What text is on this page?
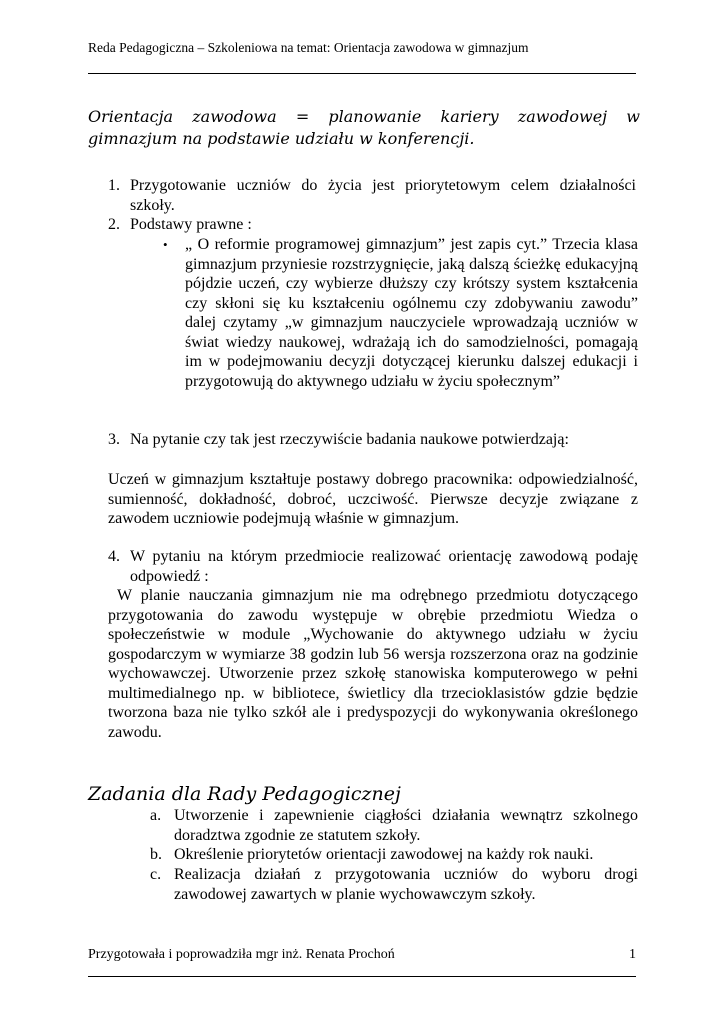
Reda Pedagogiczna – Szkoleniowa na temat: Orientacja zawodowa w gimnazjum
Orientacja zawodowa = planowanie kariery zawodowej w gimnazjum na podstawie udziału w konferencji.
1. Przygotowanie uczniów do życia jest priorytetowym celem działalności szkoły.
2. Podstawy prawne :
• „ O reformie programowej gimnazjum” jest zapis cyt.” Trzecia klasa gimnazjum przyniesie rozstrzygnięcie, jaką dalszą ścieżkę edukacyjną pójdzie uczeń, czy wybierze dłuższy czy krótszy system kształcenia czy skłoni się ku kształceniu ogólnemu czy zdobywaniu zawodu” dalej czytamy „w gimnazjum nauczyciele wprowadzają uczniów w świat wiedzy naukowej, wdrażają ich do samodzielności, pomagają im w podejmowaniu decyzji dotyczącej kierunku dalszej edukacji i przygotowują do aktywnego udziału w życiu społecznym”
3. Na pytanie czy tak jest rzeczywiście badania naukowe potwierdzają:
Uczeń w gimnazjum kształtuje postawy dobrego pracownika: odpowiedzialność, sumienność, dokładność, dobroć, uczciwość. Pierwsze decyzje związane z zawodem uczniowie podejmują właśnie w gimnazjum.
4. W pytaniu na którym przedmiocie realizować orientację zawodową podaję odpowiedź :
W planie nauczania gimnazjum nie ma odrębnego przedmiotu dotyczącego przygotowania do zawodu występuje w obrębie przedmiotu Wiedza o społeczeństwie w module „Wychowanie do aktywnego udziału w życiu gospodarczym w wymiarze 38 godzin lub 56 wersja rozszerzona oraz na godzinie wychowawczej. Utworzenie przez szkołę stanowiska komputerowego w pełni multimedialnego np. w bibliotece, świetlicy dla trzecioklasistów gdzie będzie tworzona baza nie tylko szkół ale i predyspozycji do wykonywania określonego zawodu.
Zadania dla Rady Pedagogicznej
a. Utworzenie i zapewnienie ciągłości działania wewnątrz szkolnego doradztwa zgodnie ze statutem szkoły.
b. Określenie priorytetów orientacji zawodowej na każdy rok nauki.
c. Realizacja działań z przygotowania uczniów do wyboru drogi zawodowej zawartych w planie wychowawczym szkoły.
Przygotowała i poprowadziła mgr inż. Renata Prochoń	1
